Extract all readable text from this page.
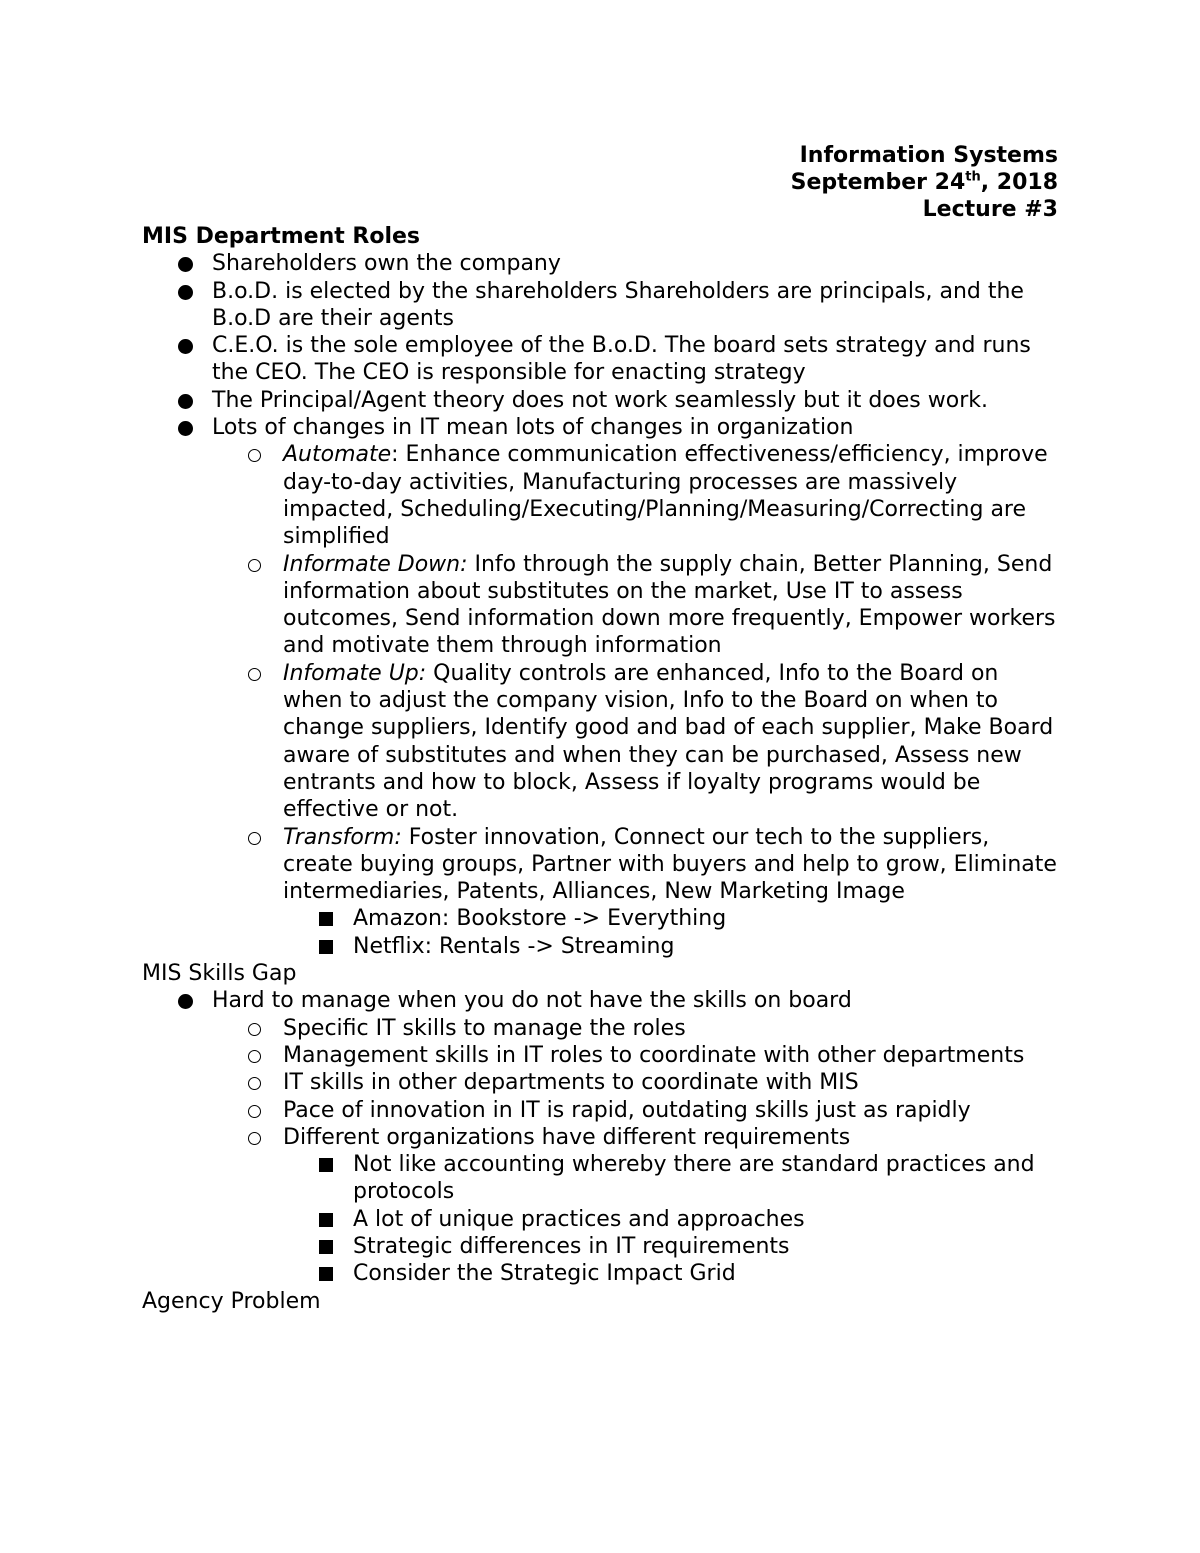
Information Systems
September 24th, 2018
Lecture #3
MIS Department Roles
Shareholders own the company
B.o.D. is elected by the shareholders Shareholders are principals, and the B.o.D are their agents
C.E.O. is the sole employee of the B.o.D. The board sets strategy and runs the CEO. The CEO is responsible for enacting strategy
The Principal/Agent theory does not work seamlessly but it does work.
Lots of changes in IT mean lots of changes in organization
Automate: Enhance communication effectiveness/efficiency, improve day-to-day activities, Manufacturing processes are massively impacted, Scheduling/Executing/Planning/Measuring/Correcting are simplified
Informate Down: Info through the supply chain, Better Planning, Send information about substitutes on the market, Use IT to assess outcomes, Send information down more frequently, Empower workers and motivate them through information
Infomate Up: Quality controls are enhanced, Info to the Board on when to adjust the company vision, Info to the Board on when to change suppliers, Identify good and bad of each supplier, Make Board aware of substitutes and when they can be purchased, Assess new entrants and how to block, Assess if loyalty programs would be effective or not.
Transform: Foster innovation, Connect our tech to the suppliers, create buying groups, Partner with buyers and help to grow, Eliminate intermediaries, Patents, Alliances, New Marketing Image
Amazon: Bookstore -> Everything
Netflix: Rentals -> Streaming
MIS Skills Gap
Hard to manage when you do not have the skills on board
Specific IT skills to manage the roles
Management skills in IT roles to coordinate with other departments
IT skills in other departments to coordinate with MIS
Pace of innovation in IT is rapid, outdating skills just as rapidly
Different organizations have different requirements
Not like accounting whereby there are standard practices and protocols
A lot of unique practices and approaches
Strategic differences in IT requirements
Consider the Strategic Impact Grid
Agency Problem
